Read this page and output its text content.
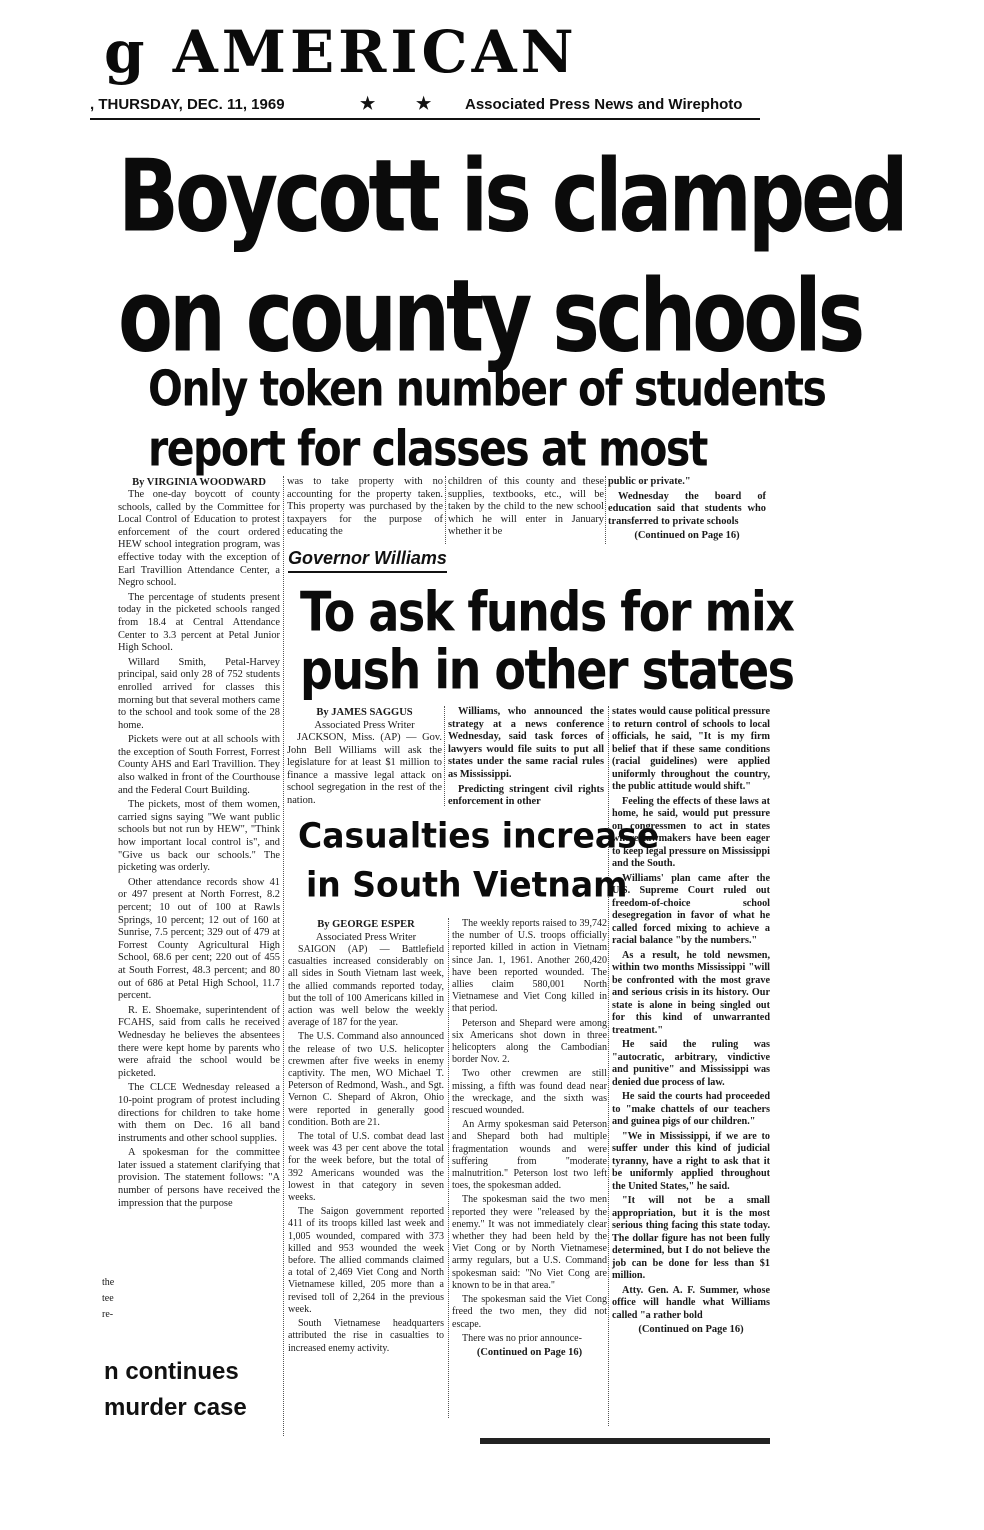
g AMERICAN
, THURSDAY, DEC. 11, 1969	★ ★ Associated Press News and Wirephoto
Boycott is clamped
on county schools
Only token number of students
report for classes at most
By VIRGINIA WOODWARD

The one-day boycott of county schools, called by the Committee for Local Control of Education to protest enforcement of the court ordered HEW school integration program, was effective today with the exception of Earl Travillion Attendance Center, a Negro school.

The percentage of students present today in the picketed schools ranged from 18.4 at Central Attendance Center to 3.3 percent at Petal Junior High School.

Willard Smith, Petal-Harvey principal, said only 28 of 752 students enrolled arrived for classes this morning but that several mothers came to the school and took some of the 28 home.

Pickets were out at all schools with the exception of South Forrest, Forrest County AHS and Earl Travillion. They also walked in front of the Courthouse and the Federal Court Building.

The pickets, most of them women, carried signs saying "We want public schools but not run by HEW", "Think how important local control is", and "Give us back our schools." The picketing was orderly.

Other attendance records show 41 or 497 present at North Forrest, 8.2 percent; 10 out of 100 at Rawls Springs, 10 percent; 12 out of 160 at Sunrise, 7.5 percent; 329 out of 479 at Forrest County Agricultural High School, 68.6 per cent; 220 out of 455 at South Forrest, 48.3 percent; and 80 out of 686 at Petal High School, 11.7 percent.

R. E. Shoemake, superintendent of FCAHS, said from calls he received Wednesday he believes the absentees there were kept home by parents who were afraid the school would be picketed.

The CLCE Wednesday released a 10-point program of protest including directions for children to take home with them on Dec. 16 all band instruments and other school supplies.

A spokesman for the committee later issued a statement clarifying that provision. The statement follows: "A number of persons have received the impression that the purpose

the
tee
re-

was to take property with no accounting for the property taken. This property was purchased by the taxpayers for the purpose of educating the

children of this county and these supplies, textbooks, etc., will be taken by the child to the new school which he will enter in January whether it be

public or private."

Wednesday the board of education said that students who transferred to private schools

(Continued on Page 16)
Governor Williams
To ask funds for mix
push in other states
By JAMES SAGGUS
Associated Press Writer

JACKSON, Miss. (AP) — Gov. John Bell Williams will ask the legislature for at least $1 million to finance a massive legal attack on school segregation in the rest of the nation.

Williams, who announced the strategy at a news conference Wednesday, said task forces of lawyers would file suits to put all states under the same racial rules as Mississippi.

Predicting stringent civil rights enforcement in other

states would cause political pressure to return control of schools to local officials, he said, "It is my firm belief that if these same conditions (racial guidelines) were applied uniformly throughout the country, the public attitude would shift."

Feeling the effects of these laws at home, he said, would put pressure on congressmen to act in states where lawmakers have been eager to keep legal pressure on Mississippi and the South.

Williams' plan came after the U.S. Supreme Court ruled out freedom-of-choice school desegregation in favor of what he called forced mixing to achieve a racial balance "by the numbers."

As a result, he told newsmen, within two months Mississippi "will be confronted with the most grave and serious crisis in its history. Our state is alone in being singled out for this kind of unwarranted treatment."

He said the ruling was "autocratic, arbitrary, vindictive and punitive" and Mississippi was denied due process of law.

He said the courts had proceeded to "make chattels of our teachers and guinea pigs of our children."

"We in Mississippi, if we are to suffer under this kind of judicial tyranny, have a right to ask that it be uniformly applied throughout the United States," he said.

"It will not be a small appropriation, but it is the most serious thing facing this state today. The dollar figure has not been fully determined, but I do not believe the job can be done for less than $1 million.

Atty. Gen. A. F. Summer, whose office will handle what Williams called "a rather bold

(Continued on Page 16)
Casualties increase
in South Vietnam
By GEORGE ESPER
Associated Press Writer

SAIGON (AP) — Battlefield casualties increased considerably on all sides in South Vietnam last week, the allied commands reported today, but the toll of 100 Americans killed in action was well below the weekly average of 187 for the year.

The U.S. Command also announced the release of two U.S. helicopter crewmen after five weeks in enemy captivity. The men, WO Michael T. Peterson of Redmond, Wash., and Sgt. Vernon C. Shepard of Akron, Ohio were reported in generally good condition. Both are 21.

The total of U.S. combat dead last week was 43 per cent above the total for the week before, but the total of 392 Americans wounded was the lowest in that category in seven weeks.

The Saigon government reported 411 of its troops killed last week and 1,005 wounded, compared with 373 killed and 953 wounded the week before. The allied commands claimed a total of 2,469 Viet Cong and North Vietnamese killed, 205 more than a revised toll of 2,264 in the previous week.

South Vietnamese headquarters attributed the rise in casualties to increased enemy activity.

The weekly reports raised to 39,742 the number of U.S. troops officially reported killed in action in Vietnam since Jan. 1, 1961. Another 260,420 have been reported wounded. The allies claim 580,001 North Vietnamese and Viet Cong killed in that period.

Peterson and Shepard were among six Americans shot down in three helicopters along the Cambodian border Nov. 2.

Two other crewmen are still missing, a fifth was found dead near the wreckage, and the sixth was rescued wounded.

An Army spokesman said Peterson and Shepard both had multiple fragmentation wounds and were suffering from "moderate malnutrition." Peterson lost two left toes, the spokesman added.

The spokesman said the two men reported they were "released by the enemy." It was not immediately clear whether they had been held by the Viet Cong or by North Vietnamese army regulars, but a U.S. Command spokesman said: "No Viet Cong are known to be in that area."

The spokesman said the Viet Cong freed the two men, they did not escape.

There was no prior announce-

(Continued on Page 16)
n continues
murder case
